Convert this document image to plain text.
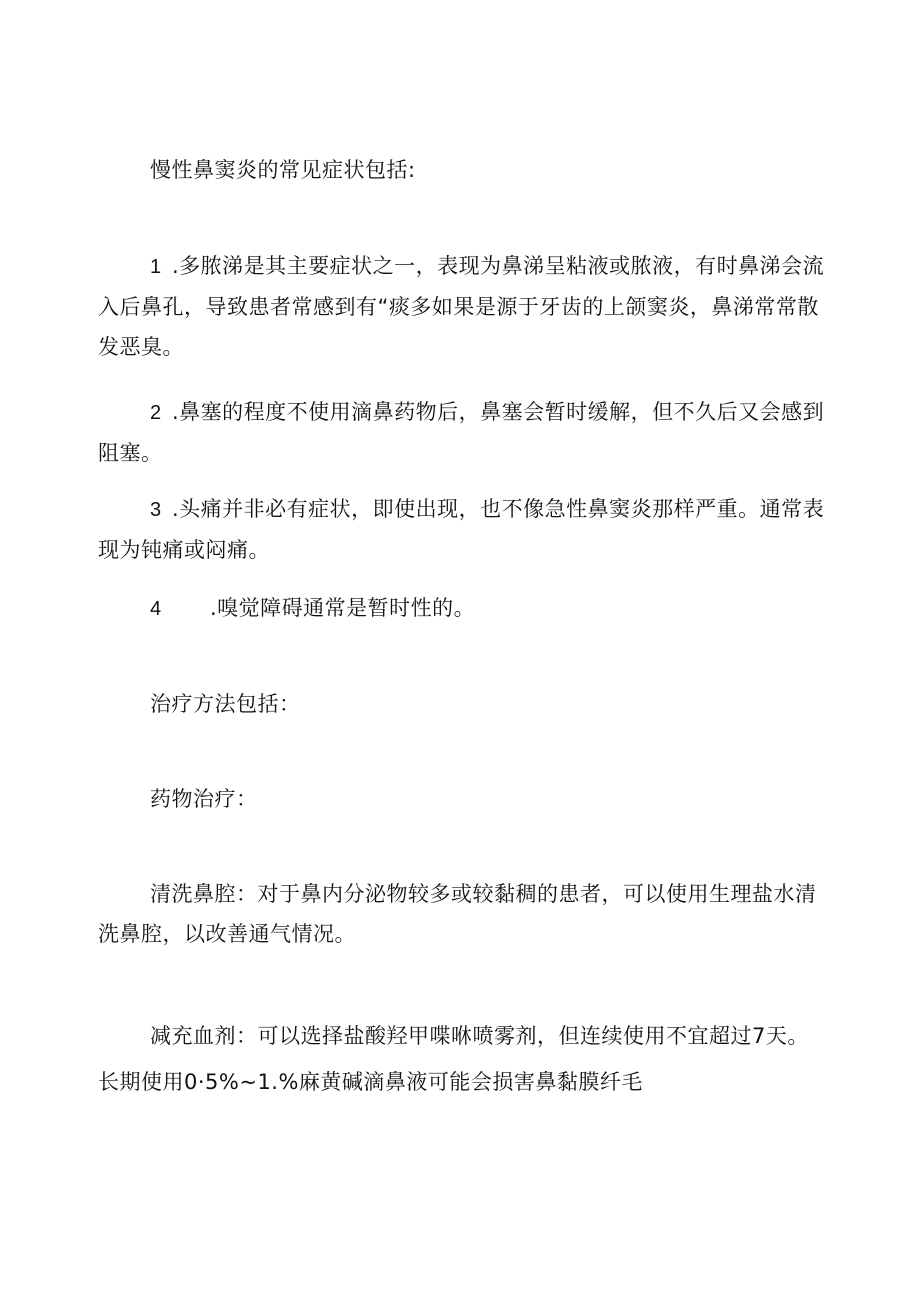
慢性鼻窦炎的常见症状包括:
1 .多脓涕是其主要症状之一，表现为鼻涕呈粘液或脓液，有时鼻涕会流入后鼻孔，导致患者常感到有“痰多如果是源于牙齿的上颌窦炎，鼻涕常常散发恶臭。
2 .鼻塞的程度不使用滴鼻药物后，鼻塞会暂时缓解，但不久后又会感到阻塞。
3 .头痛并非必有症状，即使出现，也不像急性鼻窦炎那样严重。通常表现为钝痛或闷痛。
4 .嗅觉障碍通常是暂时性的。
治疗方法包括：
药物治疗：
清洗鼻腔：对于鼻内分泌物较多或较黏稠的患者，可以使用生理盐水清洗鼻腔，以改善通气情况。
减充血剂：可以选择盐酸羟甲喋咻喷雾剂，但连续使用不宜超过7天。
长期使用0·5%~1.%麻黄碱滴鼻液可能会损害鼻黏膜纤毛
